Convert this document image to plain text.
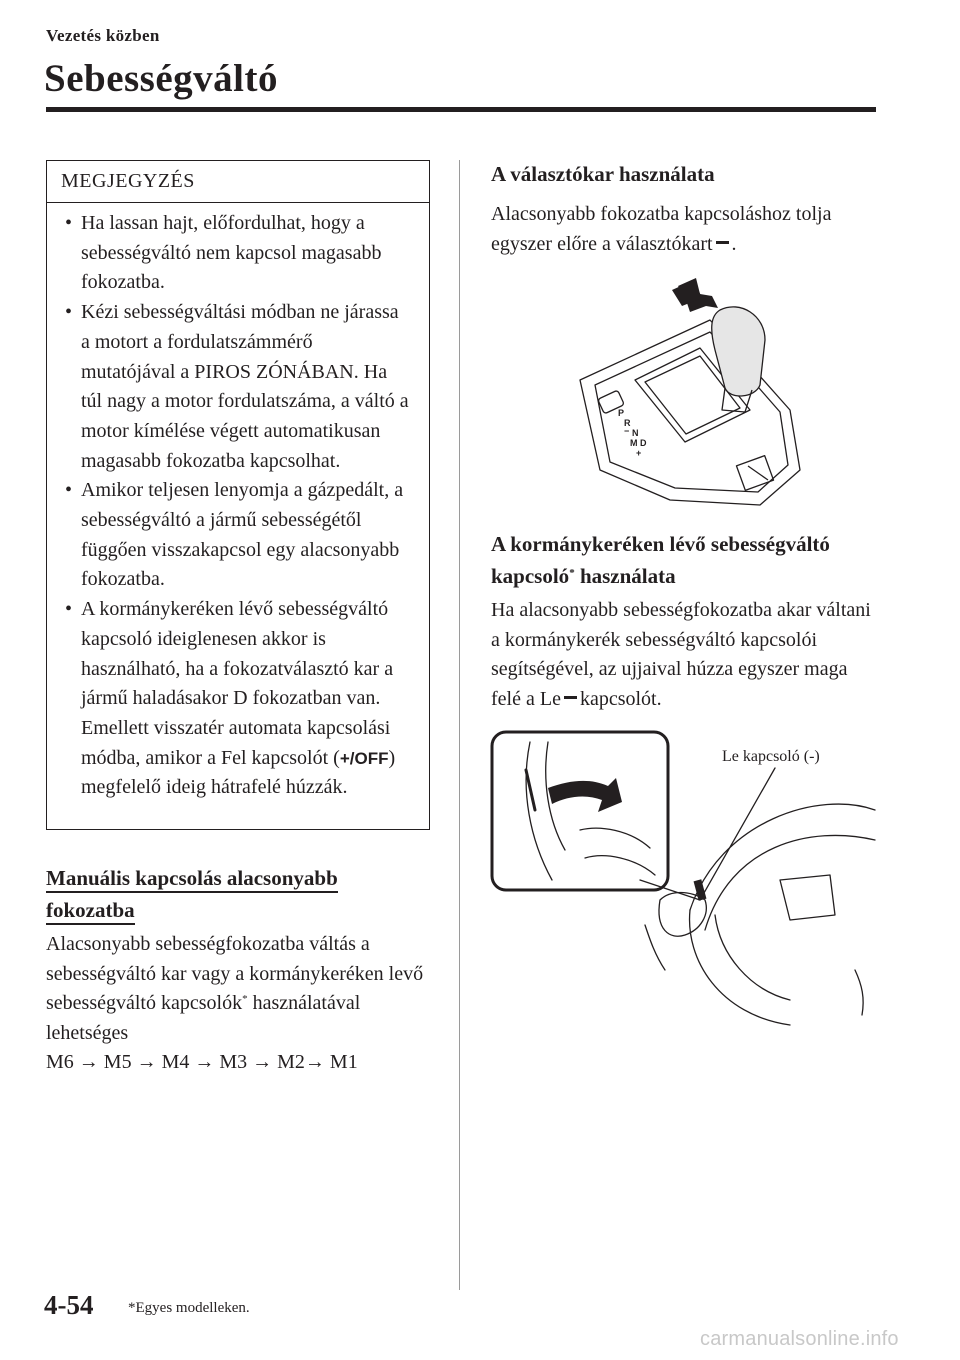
Vezetés közben
Sebességváltó
MEGJEGYZÉS
• Ha lassan hajt, előfordulhat, hogy a sebességváltó nem kapcsol magasabb fokozatba.
• Kézi sebességváltási módban ne járassa a motort a fordulatszámmérő mutatójával a PIROS ZÓNÁBAN. Ha túl nagy a motor fordulatszáma, a váltó a motor kímélése végett automatikusan magasabb fokozatba kapcsolhat.
• Amikor teljesen lenyomja a gázpedált, a sebességváltó a jármű sebességétől függően visszakapcsol egy alacsonyabb fokozatba.
• A kormánykeréken lévő sebességváltó kapcsoló ideiglenesen akkor is használható, ha a fokozatválasztó kar a jármű haladásakor D fokozatban van. Emellett visszatér automata kapcsolási módba, amikor a Fel kapcsolót (+/OFF) megfelelő ideig hátrafelé húzzák.
Manuális kapcsolás alacsonyabb fokozatba
Alacsonyabb sebességfokozatba váltás a sebességváltó kar vagy a kormánykeréken levő sebességváltó kapcsolók* használatával lehetséges
M6 → M5 → M4 → M3 → M2→ M1
A választókar használata
Alacsonyabb fokozatba kapcsoláshoz tolja egyszer előre a választókart .
P
R
N
D
M
+
−
A kormánykeréken lévő sebességváltó kapcsoló* használata
Ha alacsonyabb sebességfokozatba akar váltani a kormánykerék sebességváltó kapcsolói segítségével, az ujjaival húzza egyszer maga felé a Le kapcsolót.
Le kapcsoló (-)
4-54 *Egyes modelleken.
carmanualsonline.info
